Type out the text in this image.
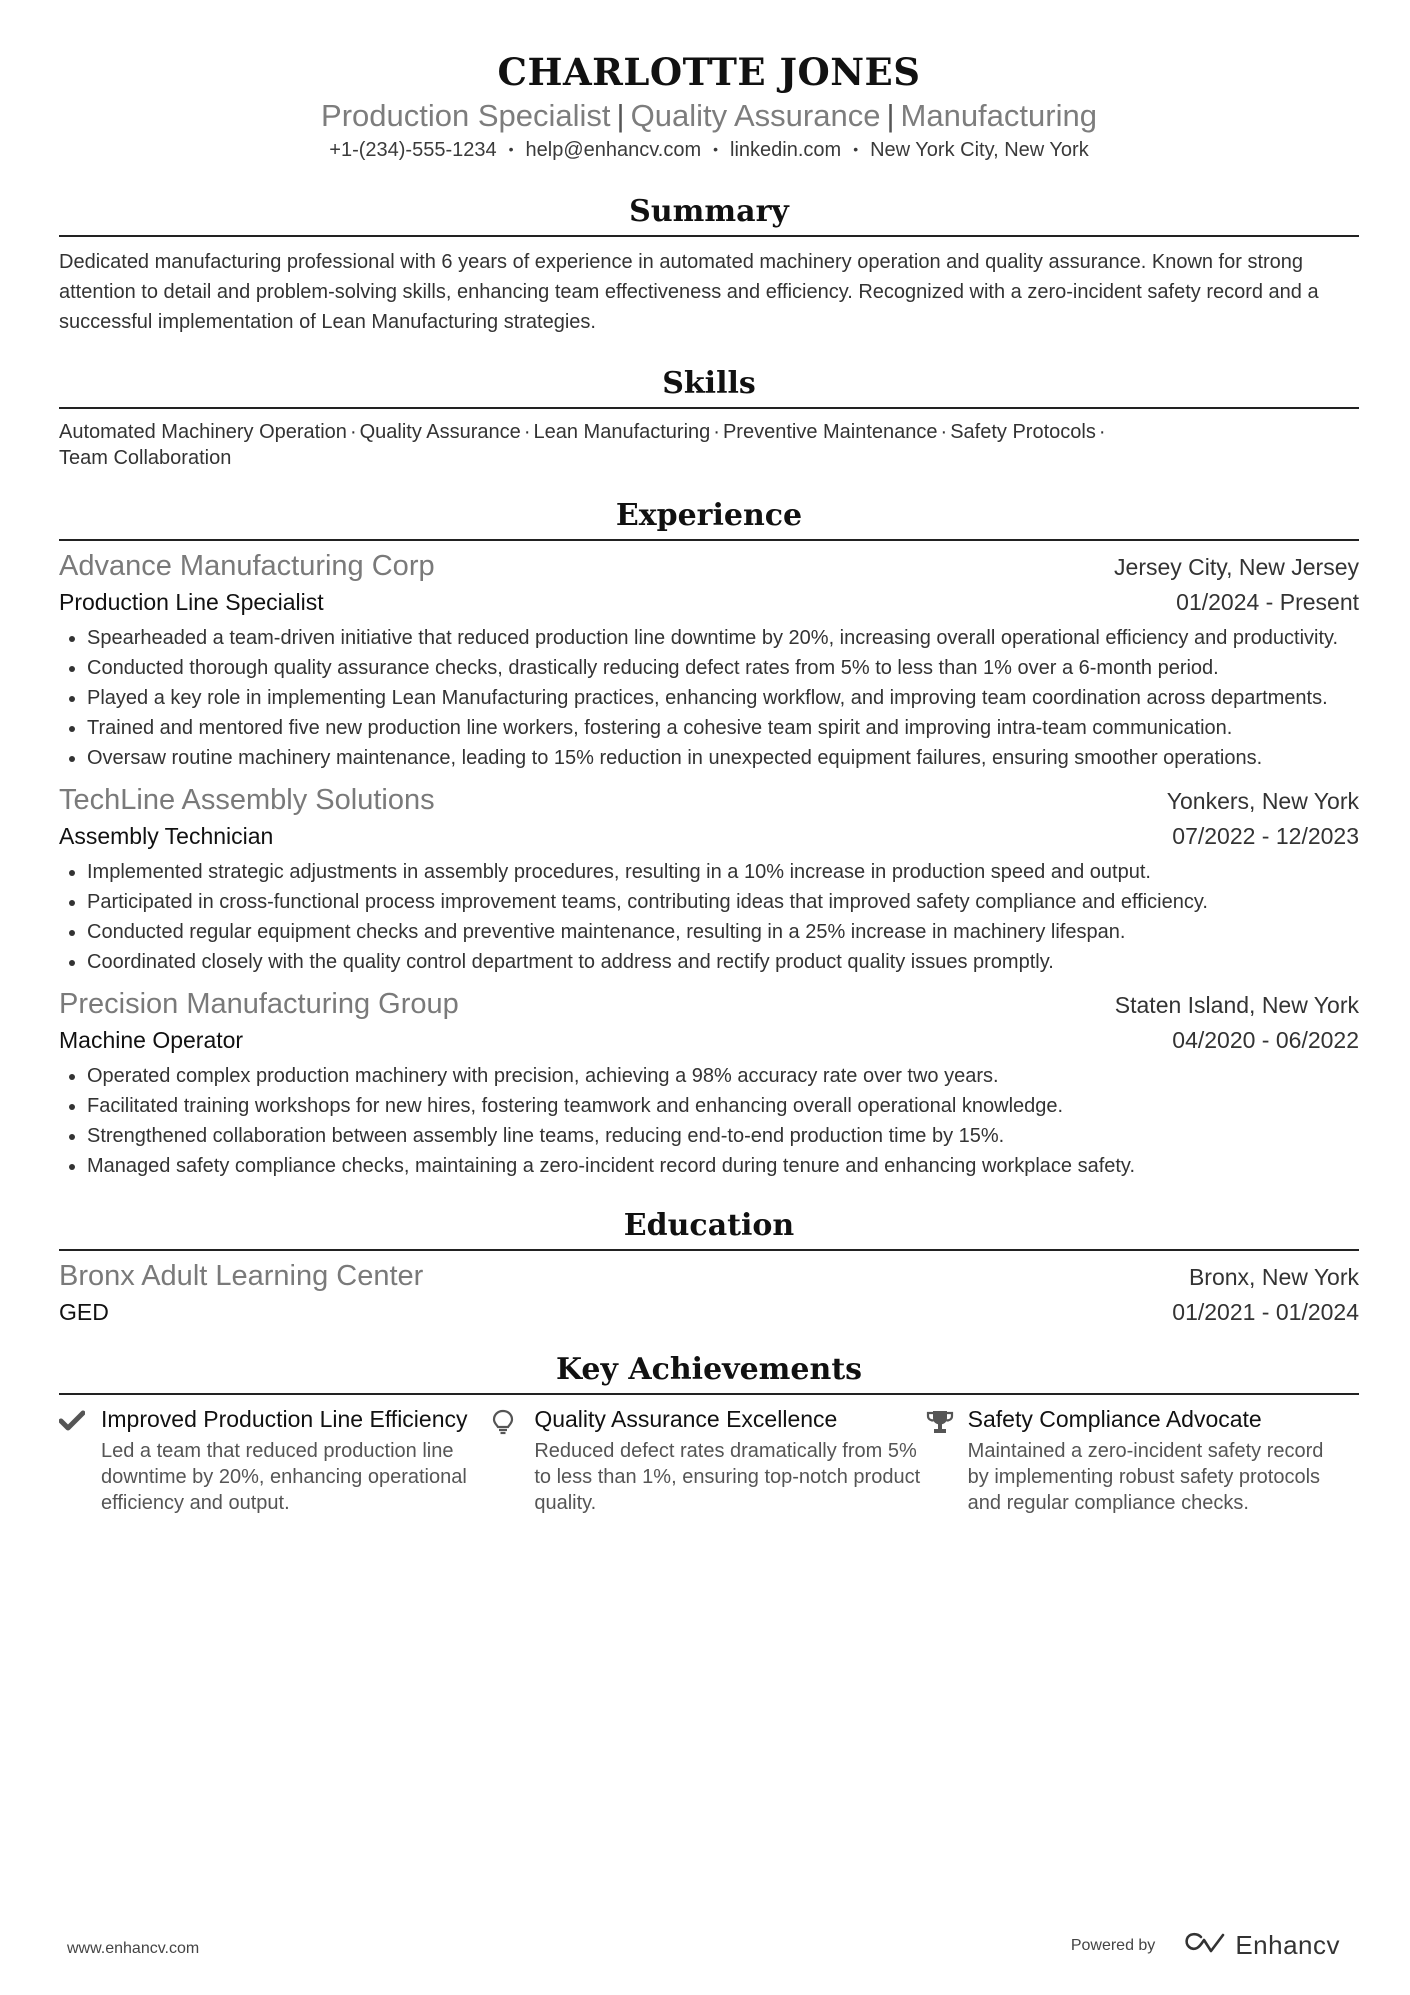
CHARLOTTE JONES
Production Specialist | Quality Assurance | Manufacturing
+1-(234)-555-1234 • help@enhancv.com • linkedin.com • New York City, New York
Summary
Dedicated manufacturing professional with 6 years of experience in automated machinery operation and quality assurance. Known for strong attention to detail and problem-solving skills, enhancing team effectiveness and efficiency. Recognized with a zero-incident safety record and a successful implementation of Lean Manufacturing strategies.
Skills
Automated Machinery Operation · Quality Assurance · Lean Manufacturing · Preventive Maintenance · Safety Protocols ·
Team Collaboration
Experience
Advance Manufacturing Corp	Jersey City, New Jersey
Production Line Specialist	01/2024 - Present
• Spearheaded a team-driven initiative that reduced production line downtime by 20%, increasing overall operational efficiency and productivity.
• Conducted thorough quality assurance checks, drastically reducing defect rates from 5% to less than 1% over a 6-month period.
• Played a key role in implementing Lean Manufacturing practices, enhancing workflow, and improving team coordination across departments.
• Trained and mentored five new production line workers, fostering a cohesive team spirit and improving intra-team communication.
• Oversaw routine machinery maintenance, leading to 15% reduction in unexpected equipment failures, ensuring smoother operations.
TechLine Assembly Solutions	Yonkers, New York
Assembly Technician	07/2022 - 12/2023
• Implemented strategic adjustments in assembly procedures, resulting in a 10% increase in production speed and output.
• Participated in cross-functional process improvement teams, contributing ideas that improved safety compliance and efficiency.
• Conducted regular equipment checks and preventive maintenance, resulting in a 25% increase in machinery lifespan.
• Coordinated closely with the quality control department to address and rectify product quality issues promptly.
Precision Manufacturing Group	Staten Island, New York
Machine Operator	04/2020 - 06/2022
• Operated complex production machinery with precision, achieving a 98% accuracy rate over two years.
• Facilitated training workshops for new hires, fostering teamwork and enhancing overall operational knowledge.
• Strengthened collaboration between assembly line teams, reducing end-to-end production time by 15%.
• Managed safety compliance checks, maintaining a zero-incident record during tenure and enhancing workplace safety.
Education
Bronx Adult Learning Center	Bronx, New York
GED	01/2021 - 01/2024
Key Achievements
Improved Production Line Efficiency
Led a team that reduced production line downtime by 20%, enhancing operational efficiency and output.
Quality Assurance Excellence
Reduced defect rates dramatically from 5% to less than 1%, ensuring top-notch product quality.
Safety Compliance Advocate
Maintained a zero-incident safety record by implementing robust safety protocols and regular compliance checks.
www.enhancv.com	Powered by	Enhancv
